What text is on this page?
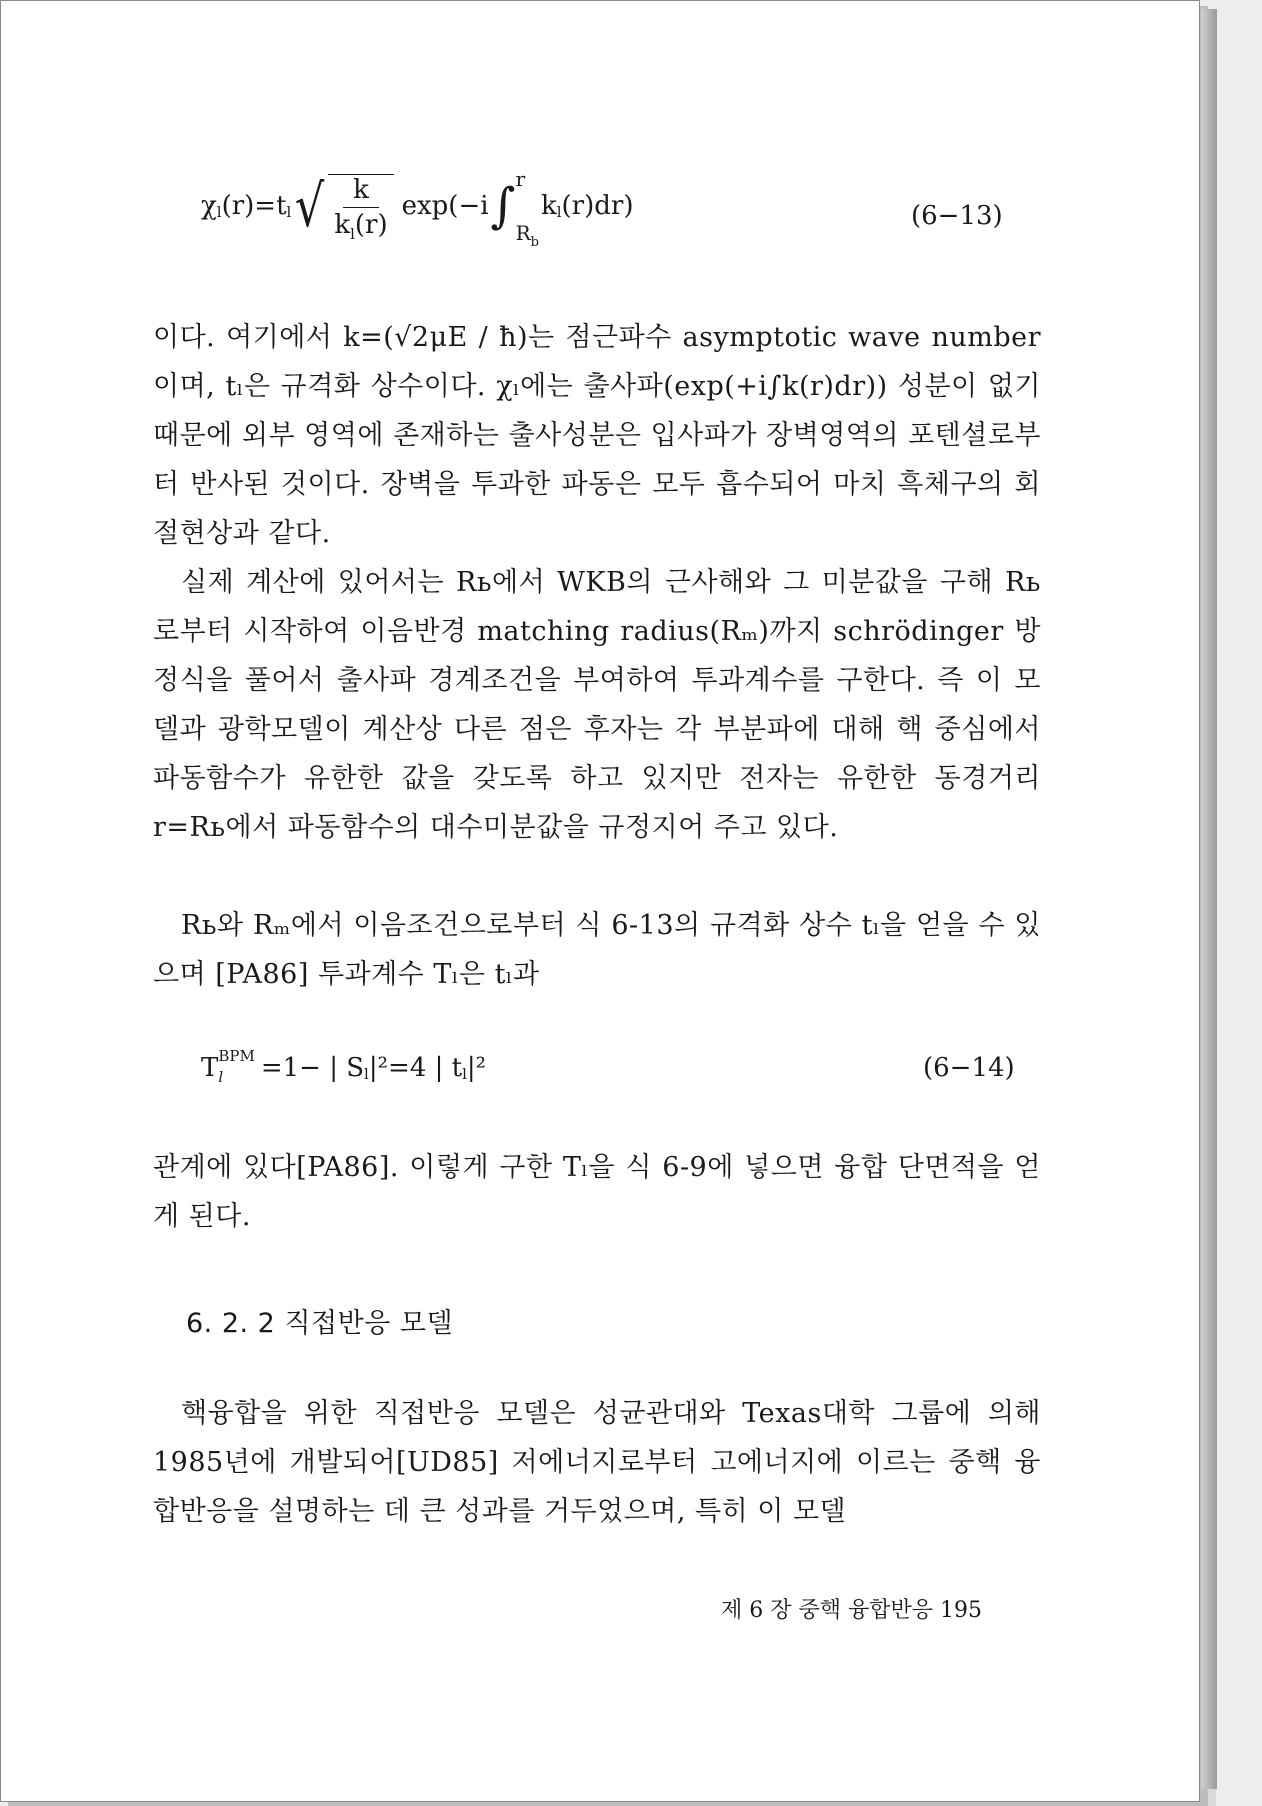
χ l (r)=t l √ $\frac{k}{k_l(r)} \exp(-i$ ∫ r
$R_b$
k l (r)dr)	(6−13)
이다. 여기에서 k=(√2μE / ħ)는 점근파수 asymptotic wave number이며, tₗ은 규격화 상수이다. χₗ에는 출사파(exp(+i∫k(r)dr)) 성분이 없기 때문에 외부 영역에 존재하는 출사성분은 입사파가 장벽영역의 포텐셜로부터 반사된 것이다. 장벽을 투과한 파동은 모두 흡수되어 마치 흑체구의 회절현상과 같다.
실제 계산에 있어서는 Rь에서 WKB의 근사해와 그 미분값을 구해 Rь로부터 시작하여 이음반경 matching radius(Rₘ)까지 schrödinger 방정식을 풀어서 출사파 경계조건을 부여하여 투과계수를 구한다. 즉 이 모델과 광학모델이 계산상 다른 점은 후자는 각 부분파에 대해 핵 중심에서 파동함수가 유한한 값을 갖도록 하고 있지만 전자는 유한한 동경거리 r=Rь에서 파동함수의 대수미분값을 규정지어 주고 있다.
Rь와 Rₘ에서 이음조건으로부터 식 6-13의 규격화 상수 tₗ을 얻을 수 있으며 [PA86] 투과계수 Tₗ은 tₗ과
T BPM
l	=1− | S l |²=4 | t l |²	(6−14)
관계에 있다[PA86]. 이렇게 구한 Tₗ을 식 6-9에 넣으면 융합 단면적을 얻게 된다.
6. 2. 2 직접반응 모델
핵융합을 위한 직접반응 모델은 성균관대와 Texas대학 그룹에 의해 1985년에 개발되어[UD85] 저에너지로부터 고에너지에 이르는 중핵 융합반응을 설명하는 데 큰 성과를 거두었으며, 특히 이 모델
제 6 장 중핵 융합반응 195
